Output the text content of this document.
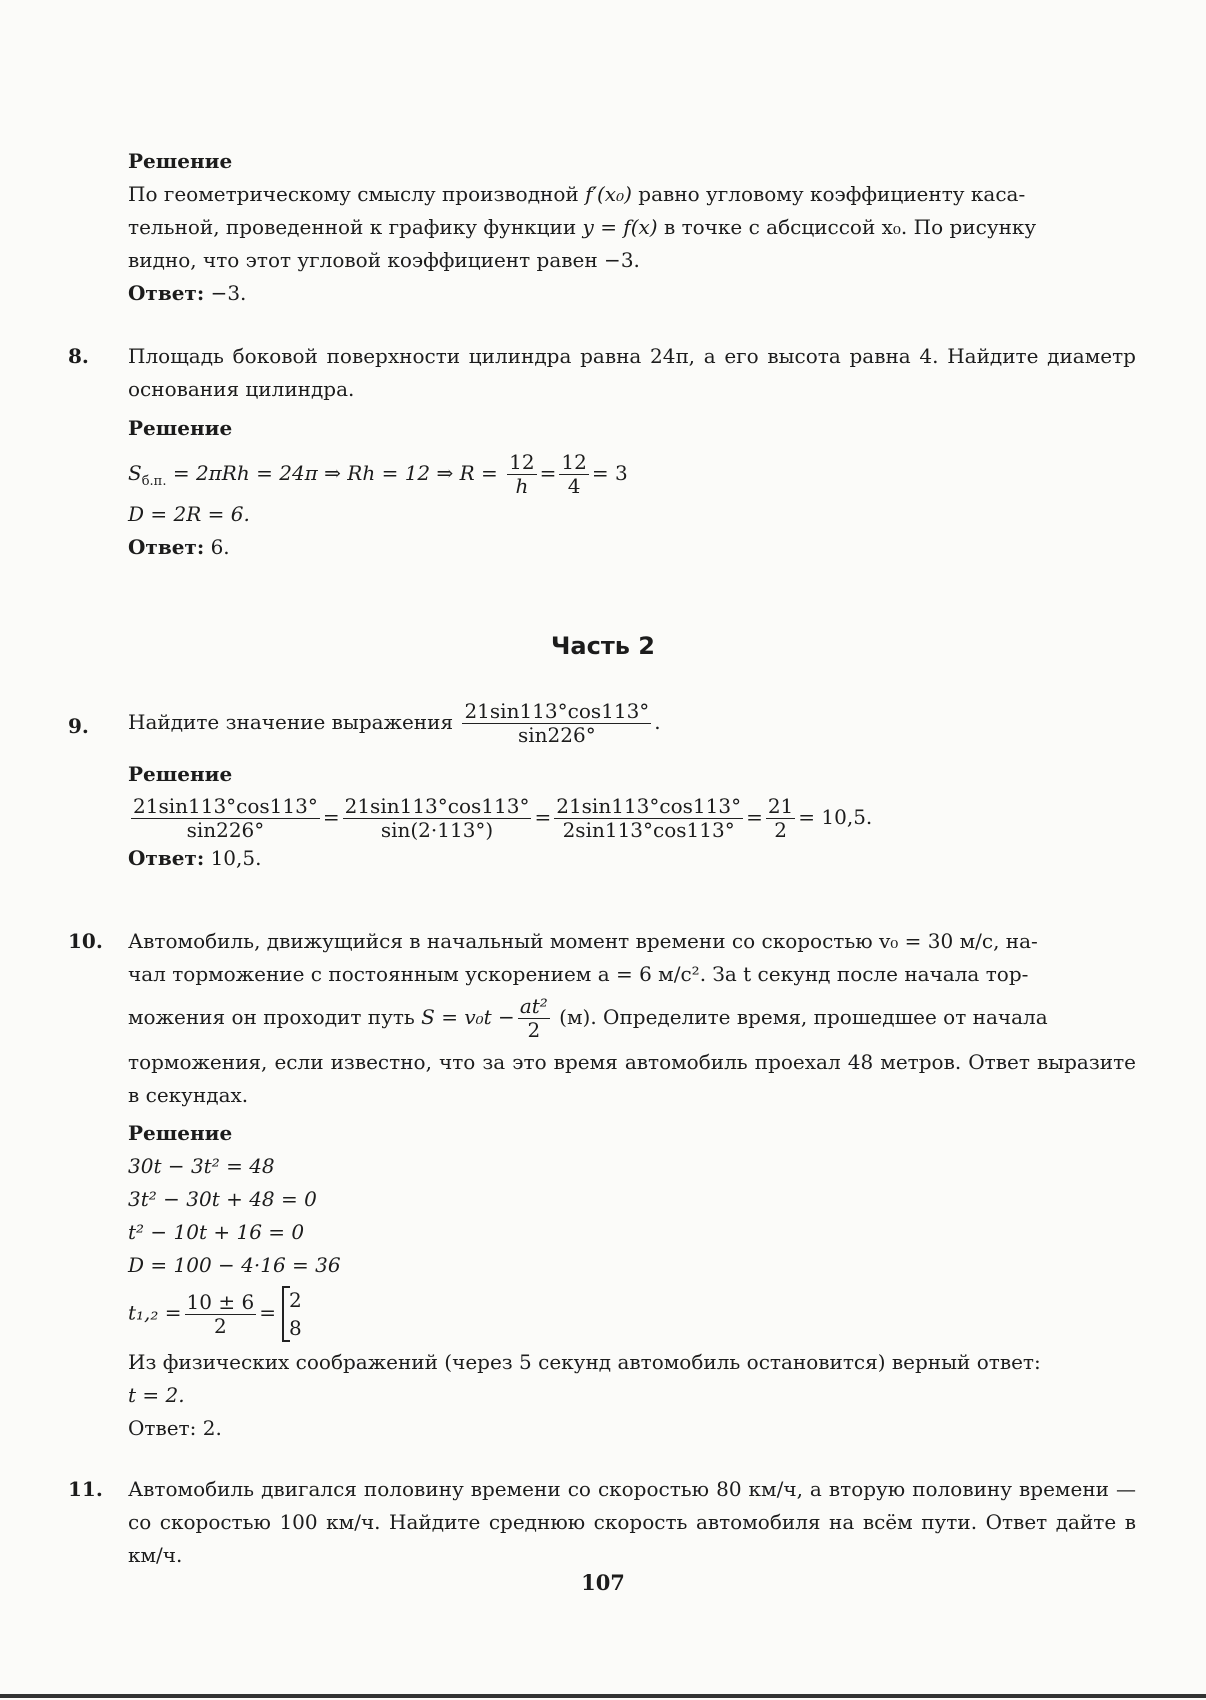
Решение
По геометрическому смыслу производной f′(x₀) равно угловому коэффициенту каса-
тельной, проведенной к графику функции y = f(x) в точке с абсциссой x₀. По рисунку
видно, что этот угловой коэффициент равен −3.
Ответ: −3.
8. Площадь боковой поверхности цилиндра равна 24π, а его высота равна 4. Найдите диаметр основания цилиндра.
Решение
$S_{б.п.} = 2\pi Rh = 24\pi$ ⇒ Rh = 12 ⇒ $R = \frac{12}{h} = \frac{12}{4} = 3$
D = 2R = 6.
Ответ: 6.
Часть 2
9. Найдите значение выражения $\frac{21\sin 113^\circ\cos 113^\circ}{\sin 226^\circ}$ .
Решение
$\frac{21\sin 113^\circ\cos 113^\circ}{\sin 226^\circ} = \frac{21\sin 113^\circ\cos 113^\circ}{\sin(2\cdot 113^\circ)} = \frac{21\sin 113^\circ\cos 113^\circ}{2\sin 113^\circ\cos 113^\circ} = \frac{21}{2} = 10,5$.
Ответ: 10,5.
10. Автомобиль, движущийся в начальный момент времени со скоростью v₀ = 30 м/с, на-
чал торможение с постоянным ускорением a = 6 м/с². За t секунд после начала тор-
можения он проходит путь $S = v_0t - \frac{\text{at²}}{2} (м)$. Определите время, прошедшее от начала
торможения, если известно, что за это время автомобиль проехал 48 метров. Ответ выразите в секундах.
Решение
30t − 3t² = 48
3t² − 30t + 48 = 0
t² − 10t + 16 = 0
D = 100 − 4·16 = 36
$t_1,_2 = \frac{10 \pm 6}{2}$ =
2
8
Из физических соображений (через 5 секунд автомобиль остановится) верный ответ:
t = 2.
Ответ: 2.
11. Автомобиль двигался половину времени со скоростью 80 км/ч, а вторую половину времени — со скоростью 100 км/ч. Найдите среднюю скорость автомобиля на всём пути. Ответ дайте в км/ч.
107
